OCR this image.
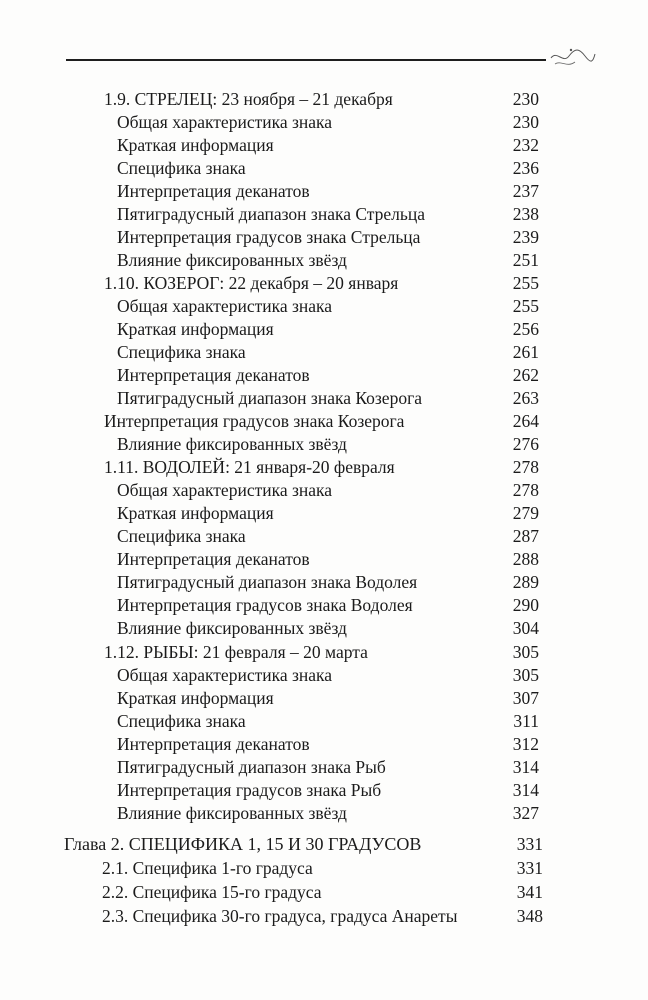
1.9. СТРЕЛЕЦ: 23 ноября – 21 декабря	230
Общая характеристика знака	230
Краткая информация	232
Специфика знака	236
Интерпретация деканатов	237
Пятиградусный диапазон знака Стрельца	238
Интерпретация градусов знака Стрельца	239
Влияние фиксированных звёзд	251
1.10. КОЗЕРОГ: 22 декабря – 20 января	255
Общая характеристика знака	255
Краткая информация	256
Специфика знака	261
Интерпретация деканатов	262
Пятиградусный диапазон знака Козерога	263
Интерпретация градусов знака Козерога	264
Влияние фиксированных звёзд	276
1.11. ВОДОЛЕЙ: 21 января-20 февраля	278
Общая характеристика знака	278
Краткая информация	279
Специфика знака	287
Интерпретация деканатов	288
Пятиградусный диапазон знака Водолея	289
Интерпретация градусов знака Водолея	290
Влияние фиксированных звёзд	304
1.12. РЫБЫ: 21 февраля – 20 марта	305
Общая характеристика знака	305
Краткая информация	307
Специфика знака	311
Интерпретация деканатов	312
Пятиградусный диапазон знака Рыб	314
Интерпретация градусов знака Рыб	314
Влияние фиксированных звёзд	327
Глава 2. СПЕЦИФИКА 1, 15 И 30 ГРАДУСОВ	331
2.1. Специфика 1-го градуса	331
2.2. Специфика 15-го градуса	341
2.3. Специфика 30-го градуса, градуса Анареты	348
